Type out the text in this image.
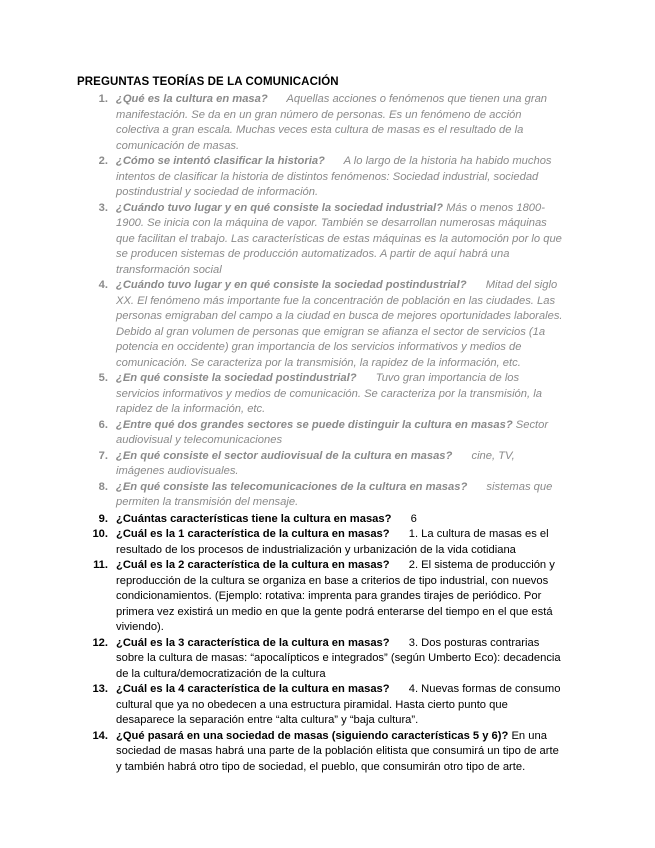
PREGUNTAS TEORÍAS DE LA COMUNICACIÓN

1. ¿Qué es la cultura en masa? Aquellas acciones o fenómenos que tienen una gran manifestación. Se da en un gran número de personas. Es un fenómeno de acción colectiva a gran escala. Muchas veces esta cultura de masas es el resultado de la comunicación de masas.

2. ¿Cómo se intentó clasificar la historia? A lo largo de la historia ha habido muchos intentos de clasificar la historia de distintos fenómenos: Sociedad industrial, sociedad postindustrial y sociedad de información.

3. ¿Cuándo tuvo lugar y en qué consiste la sociedad industrial? Más o menos 1800-1900. Se inicia con la máquina de vapor. También se desarrollan numerosas máquinas que facilitan el trabajo. Las características de estas máquinas es la automoción por lo que se producen sistemas de producción automatizados. A partir de aquí habrá una transformación social

4. ¿Cuándo tuvo lugar y en qué consiste la sociedad postindustrial? Mitad del siglo XX. El fenómeno más importante fue la concentración de población en las ciudades. Las personas emigraban del campo a la ciudad en busca de mejores oportunidades laborales. Debido al gran volumen de personas que emigran se afianza el sector de servicios (1a potencia en occidente) gran importancia de los servicios informativos y medios de comunicación. Se caracteriza por la transmisión, la rapidez de la información, etc.

5. ¿En qué consiste la sociedad postindustrial? Tuvo gran importancia de los servicios informativos y medios de comunicación. Se caracteriza por la transmisión, la rapidez de la información, etc.

6. ¿Entre qué dos grandes sectores se puede distinguir la cultura en masas? Sector audiovisual y telecomunicaciones

7. ¿En qué consiste el sector audiovisual de la cultura en masas? cine, TV, imágenes audiovisuales.

8. ¿En qué consiste las telecomunicaciones de la cultura en masas? sistemas que permiten la transmisión del mensaje.

9. ¿Cuántas características tiene la cultura en masas? 6

10. ¿Cuál es la 1 característica de la cultura en masas? 1. La cultura de masas es el resultado de los procesos de industrialización y urbanización de la vida cotidiana

11. ¿Cuál es la 2 característica de la cultura en masas? 2. El sistema de producción y reproducción de la cultura se organiza en base a criterios de tipo industrial, con nuevos condicionamientos. (Ejemplo: rotativa: imprenta para grandes tirajes de periódico. Por primera vez existirá un medio en que la gente podrá enterarse del tiempo en el que está viviendo).

12. ¿Cuál es la 3 característica de la cultura en masas? 3. Dos posturas contrarias sobre la cultura de masas: “apocalípticos e integrados” (según Umberto Eco): decadencia de la cultura/democratización de la cultura

13. ¿Cuál es la 4 característica de la cultura en masas? 4. Nuevas formas de consumo cultural que ya no obedecen a una estructura piramidal. Hasta cierto punto que desaparece la separación entre “alta cultura” y “baja cultura”.

14. ¿Qué pasará en una sociedad de masas (siguiendo características 5 y 6)? En una sociedad de masas habrá una parte de la población elitista que consumirá un tipo de arte y también habrá otro tipo de sociedad, el pueblo, que consumirán otro tipo de arte.
